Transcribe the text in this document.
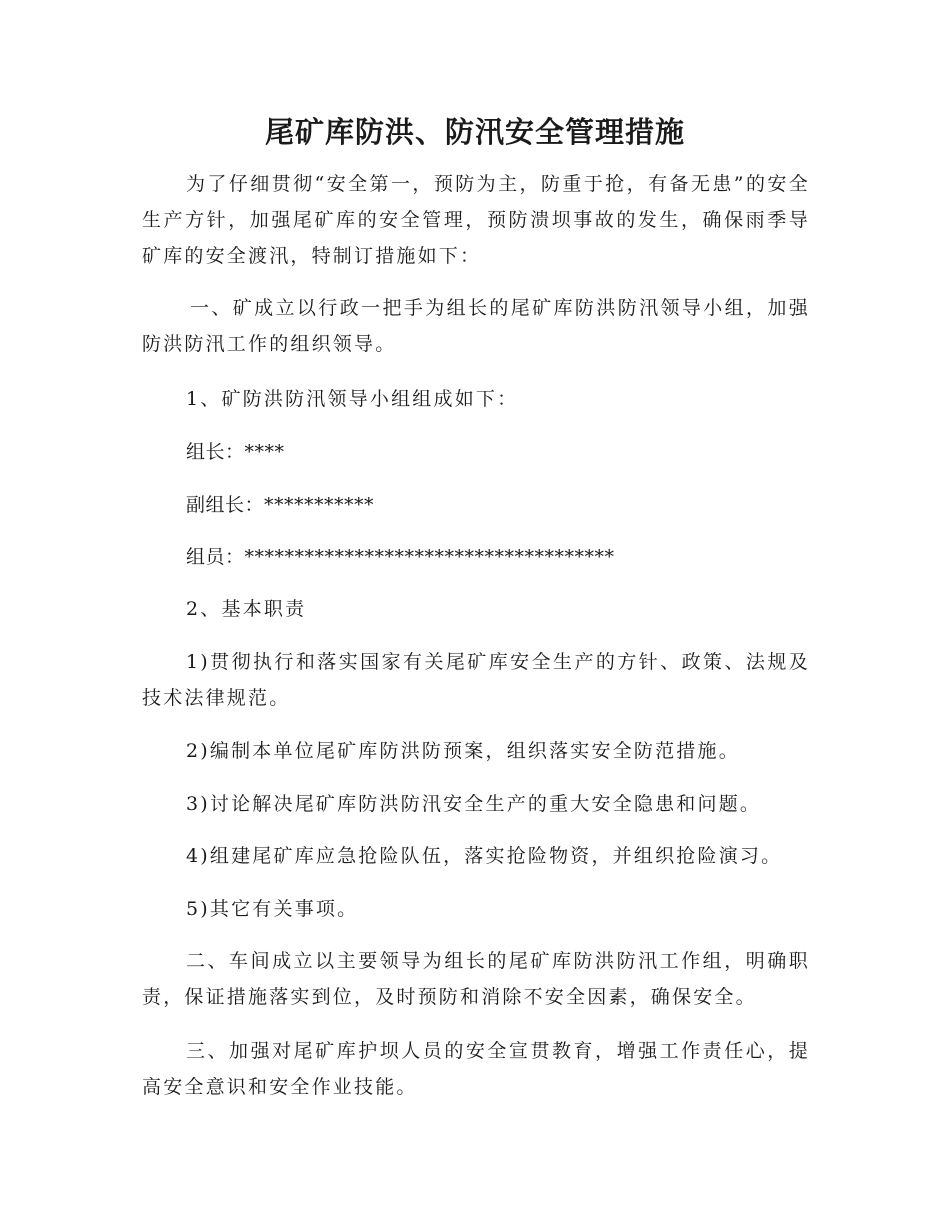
尾矿库防洪、防汛安全管理措施

为了仔细贯彻“安全第一，预防为主，防重于抢，有备无患”的安全生产方针，加强尾矿库的安全管理，预防溃坝事故的发生，确保雨季导矿库的安全渡汛，特制订措施如下：

一、矿成立以行政一把手为组长的尾矿库防洪防汛领导小组，加强防洪防汛工作的组织领导。

1、矿防洪防汛领导小组组成如下：

组长：****

副组长：***********

组员：*************************************

2、基本职责

1)贯彻执行和落实国家有关尾矿库安全生产的方针、政策、法规及技术法律规范。

2)编制本单位尾矿库防洪防预案，组织落实安全防范措施。

3)讨论解决尾矿库防洪防汛安全生产的重大安全隐患和问题。

4)组建尾矿库应急抢险队伍，落实抢险物资，并组织抢险演习。

5)其它有关事项。

二、车间成立以主要领导为组长的尾矿库防洪防汛工作组，明确职责，保证措施落实到位，及时预防和消除不安全因素，确保安全。

三、加强对尾矿库护坝人员的安全宣贯教育，增强工作责任心，提高安全意识和安全作业技能。
